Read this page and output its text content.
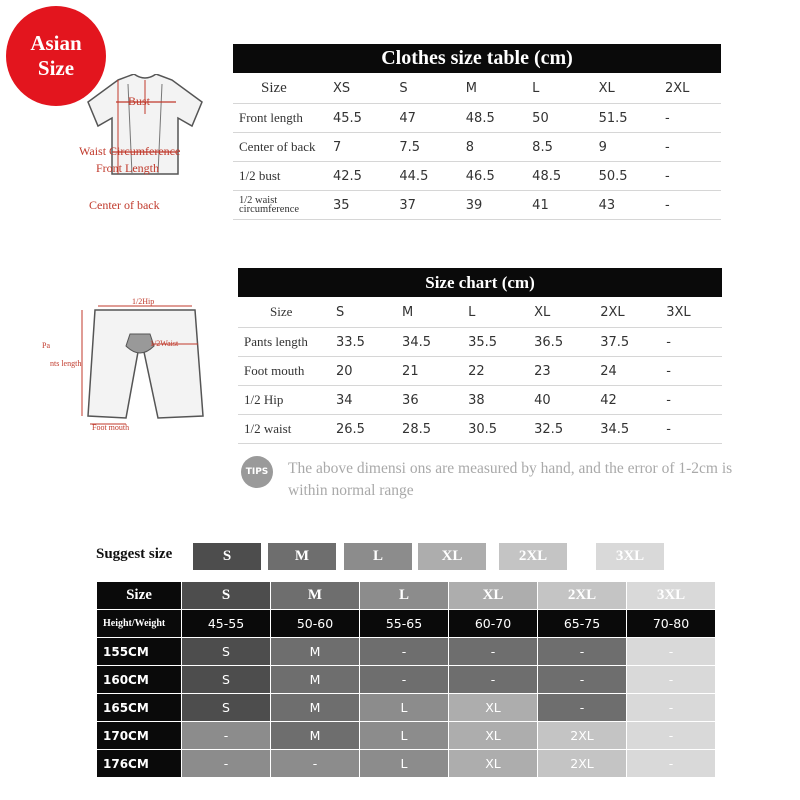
Asian
Size
Bust
Waist Circumference
Front Length
Center of back
1/2Hip
1/2Waist
Pa
nts length
Foot mouth
Clothes size table (cm)						
Size	XS	S	M	L	XL	2XL
Front length	45.5	47	48.5	50	51.5	-
Center of back	7	7.5	8	8.5	9	-
1/2 bust	42.5	44.5	46.5	48.5	50.5	-
1/2 waist circumference	35	37	39	41	43	-
Size chart (cm)						
Size	S	M	L	XL	2XL	3XL
Pants length	33.5	34.5	35.5	36.5	37.5	-
Foot mouth	20	21	22	23	24	-
1/2 Hip	34	36	38	40	42	-
1/2 waist	26.5	28.5	30.5	32.5	34.5	-
TIPS The above dimensi ons are measured by hand, and the error of 1-2cm is within normal range
Suggest size	S	M	L	XL	2XL	3XL
Size	S	M	L	XL	2XL	3XL
Height/Weight	45-55	50-60	55-65	60-70	65-75	70-80
155CM	S	M	-	-	-	-
160CM	S	M	-	-	-	-
165CM	S	M	L	XL	-	-
170CM	-	M	L	XL	2XL	-
176CM	-	-	L	XL	2XL	-
